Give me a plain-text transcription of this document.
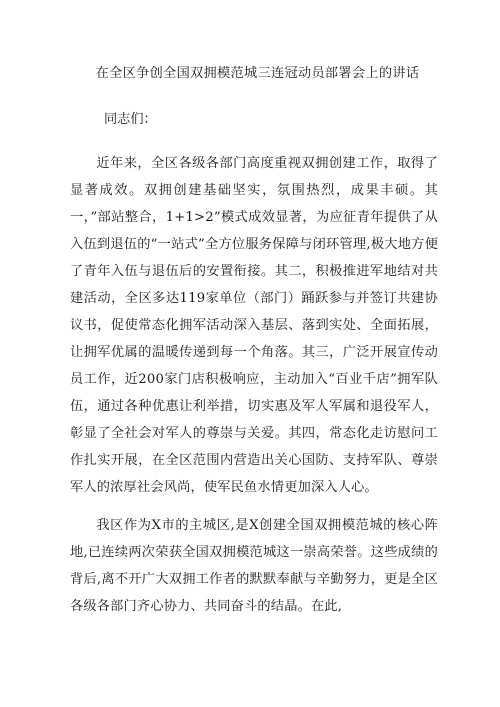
在全区争创全国双拥模范城三连冠动员部署会上的讲话
同志们：

近年来，全区各级各部门高度重视双拥创建工作，取得了显著成效。双拥创建基础坚实，氛围热烈，成果丰硕。其一，”部站整合，1+1>2”模式成效显著，为应征青年提供了从入伍到退伍的“一站式”全方位服务保障与闭环管理,极大地方便了青年入伍与退伍后的安置衔接。其二，积极推进军地结对共建活动，全区多达119家单位（部门）踊跃参与并签订共建协议书，促使常态化拥军活动深入基层、落到实处、全面拓展，让拥军优属的温暖传递到每一个角落。其三，广泛开展宣传动员工作，近200家门店积极响应，主动加入“百业千店”拥军队伍，通过各种优惠让利举措，切实惠及军人军属和退役军人，彰显了全社会对军人的尊崇与关爱。其四，常态化走访慰问工作扎实开展，在全区范围内营造出关心国防、支持军队、尊崇军人的浓厚社会风尚，使军民鱼水情更加深入人心。

我区作为X市的主城区,是X创建全国双拥模范城的核心阵地,已连续两次荣获全国双拥模范城这一崇高荣誉。这些成绩的背后,离不开广大双拥工作者的默默奉献与辛勤努力，更是全区各级各部门齐心协力、共同奋斗的结晶。在此,
